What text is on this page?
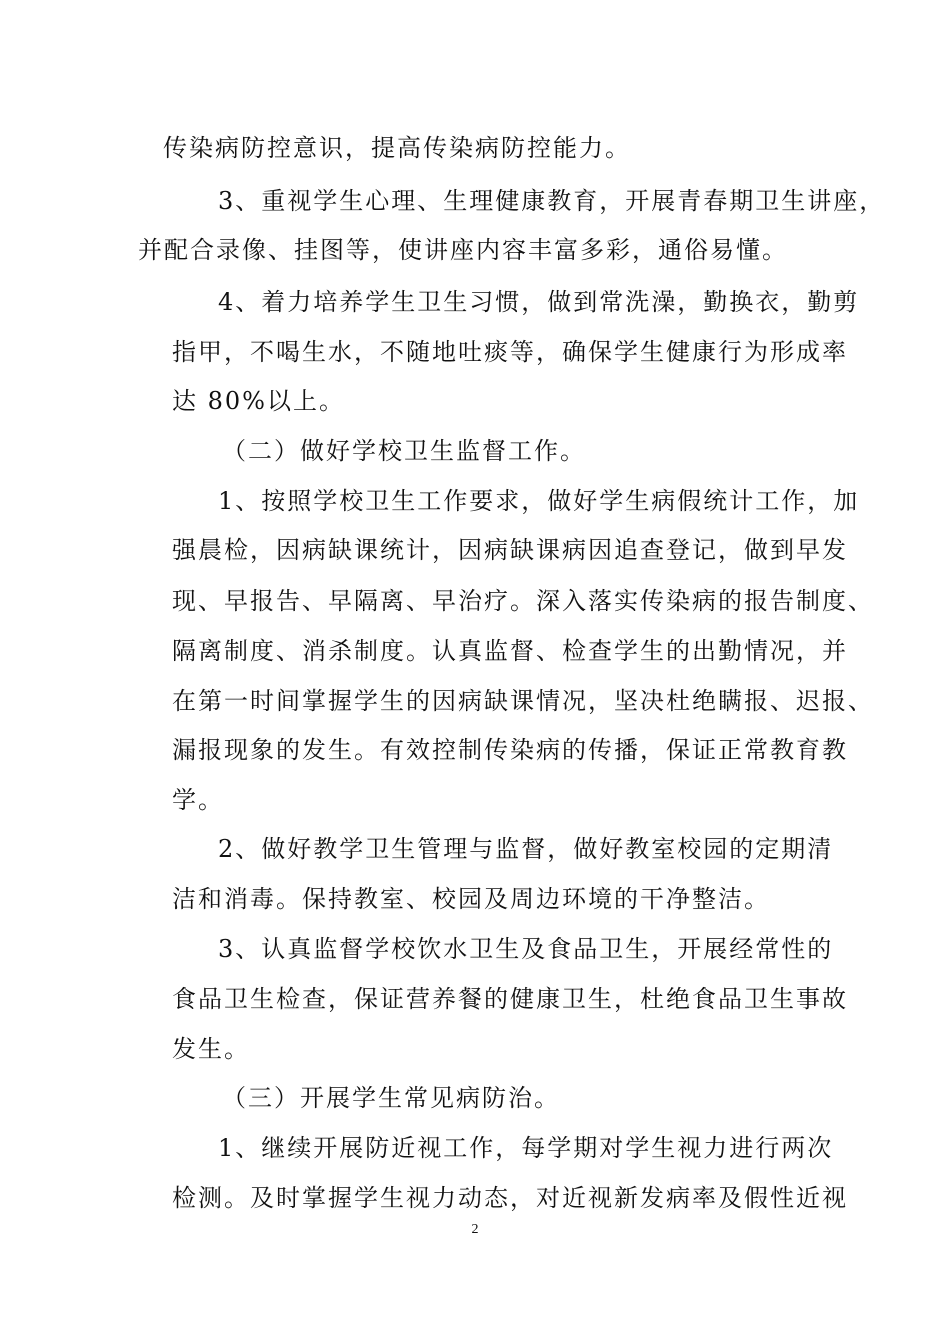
传染病防控意识，提高传染病防控能力。
3、重视学生心理、生理健康教育，开展青春期卫生讲座，
并配合录像、挂图等，使讲座内容丰富多彩，通俗易懂。
4、着力培养学生卫生习惯，做到常洗澡，勤换衣，勤剪
指甲，不喝生水，不随地吐痰等，确保学生健康行为形成率
达 80%以上。
（二）做好学校卫生监督工作。
1、按照学校卫生工作要求，做好学生病假统计工作，加
强晨检，因病缺课统计，因病缺课病因追查登记，做到早发
现、早报告、早隔离、早治疗。深入落实传染病的报告制度、
隔离制度、消杀制度。认真监督、检查学生的出勤情况，并
在第一时间掌握学生的因病缺课情况，坚决杜绝瞒报、迟报、
漏报现象的发生。有效控制传染病的传播，保证正常教育教
学。
2、做好教学卫生管理与监督，做好教室校园的定期清
洁和消毒。保持教室、校园及周边环境的干净整洁。
3、认真监督学校饮水卫生及食品卫生，开展经常性的
食品卫生检查，保证营养餐的健康卫生，杜绝食品卫生事故
发生。
（三）开展学生常见病防治。
1、继续开展防近视工作，每学期对学生视力进行两次
检测。及时掌握学生视力动态，对近视新发病率及假性近视
2
